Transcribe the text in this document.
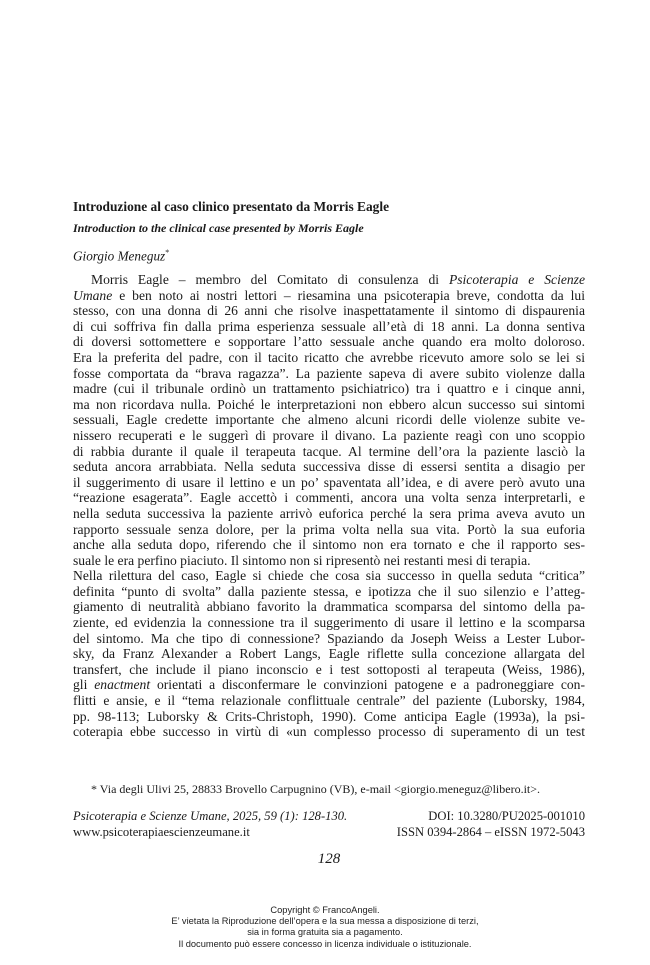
Introduzione al caso clinico presentato da Morris Eagle
Introduction to the clinical case presented by Morris Eagle
Giorgio Meneguz*
Morris Eagle – membro del Comitato di consulenza di Psicoterapia e Scienze
Umane e ben noto ai nostri lettori – riesamina una psicoterapia breve, condotta da lui
stesso, con una donna di 26 anni che risolve inaspettatamente il sintomo di dispaurenia
di cui soffriva fin dalla prima esperienza sessuale all’età di 18 anni. La donna sentiva
di doversi sottomettere e sopportare l’atto sessuale anche quando era molto doloroso.
Era la preferita del padre, con il tacito ricatto che avrebbe ricevuto amore solo se lei si
fosse comportata da “brava ragazza”. La paziente sapeva di avere subito violenze dalla
madre (cui il tribunale ordinò un trattamento psichiatrico) tra i quattro e i cinque anni,
ma non ricordava nulla. Poiché le interpretazioni non ebbero alcun successo sui sintomi
sessuali, Eagle credette importante che almeno alcuni ricordi delle violenze subite ve-
nissero recuperati e le suggerì di provare il divano. La paziente reagì con uno scoppio
di rabbia durante il quale il terapeuta tacque. Al termine dell’ora la paziente lasciò la
seduta ancora arrabbiata. Nella seduta successiva disse di essersi sentita a disagio per
il suggerimento di usare il lettino e un po’ spaventata all’idea, e di avere però avuto una
“reazione esagerata”. Eagle accettò i commenti, ancora una volta senza interpretarli, e
nella seduta successiva la paziente arrivò euforica perché la sera prima aveva avuto un
rapporto sessuale senza dolore, per la prima volta nella sua vita. Portò la sua euforia
anche alla seduta dopo, riferendo che il sintomo non era tornato e che il rapporto ses-
suale le era perfino piaciuto. Il sintomo non si ripresentò nei restanti mesi di terapia.
Nella rilettura del caso, Eagle si chiede che cosa sia successo in quella seduta “critica”
definita “punto di svolta” dalla paziente stessa, e ipotizza che il suo silenzio e l’atteg-
giamento di neutralità abbiano favorito la drammatica scomparsa del sintomo della pa-
ziente, ed evidenzia la connessione tra il suggerimento di usare il lettino e la scomparsa
del sintomo. Ma che tipo di connessione? Spaziando da Joseph Weiss a Lester Lubor-
sky, da Franz Alexander a Robert Langs, Eagle riflette sulla concezione allargata del
transfert, che include il piano inconscio e i test sottoposti al terapeuta (Weiss, 1986),
gli enactment orientati a disconfermare le convinzioni patogene e a padroneggiare con-
flitti e ansie, e il “tema relazionale conflittuale centrale” del paziente (Luborsky, 1984,
pp. 98-113; Luborsky & Crits-Christoph, 1990). Come anticipa Eagle (1993a), la psi-
coterapia ebbe successo in virtù di «un complesso processo di superamento di un test
* Via degli Ulivi 25, 28833 Brovello Carpugnino (VB), e-mail <giorgio.meneguz@libero.it>.
Psicoterapia e Scienze Umane, 2025, 59 (1): 128-130.	DOI: 10.3280/PU2025-001010
www.psicoterapiaescienzeumane.it	ISSN 0394-2864 – eISSN 1972-5043
128
Copyright © FrancoAngeli.
E’ vietata la Riproduzione dell’opera e la sua messa a disposizione di terzi,
sia in forma gratuita sia a pagamento.
Il documento può essere concesso in licenza individuale o istituzionale.
